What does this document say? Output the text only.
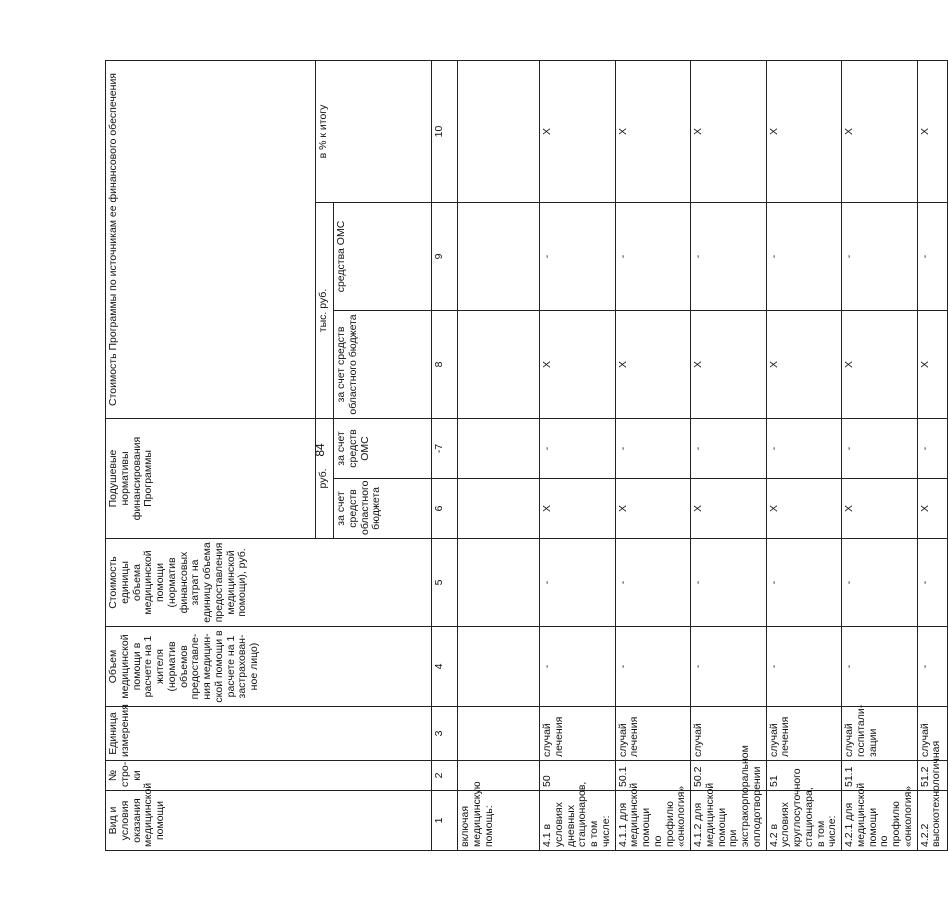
84
Вид и условия оказания медицинской помощи	№ стро-ки	Единица измерения	Объем медицинской помощи в расчете на 1 жителя (норматив объемов предоставле-ния медицин-ской помощи в расчете на 1 застрахован-ное лицо)	Стоимость единицы объема медицинской помощи (норматив финансовых затрат на единицу объема предоставления медицинской помощи), руб.	Подушевые нормативы финансирования Программы		Стоимость Программы по источникам ее финансового обеспечения		
					руб.		тыс. руб.		в % к итогу
					за счет средств областного бюджета	за счет средств ОМС	за счет средств областного бюджета	средства ОМС	
1	2	3	4	5	6	-7	8	9	10
включая медицинскую помощь:									
4.1 в условиях дневных стационаров, в том числе:	50	случай лечения	-	-	X	-	X	-	X
4.1.1 для медицинской помощи по профилю «онкология»	50.1	случай лечения	-	-	X	-	X	-	X
4.1.2 для медицинской помощи при экстракорпоральном оплодотворении	50.2	случай	-	-	X	-	X	-	X
4.2 в условиях круглосуточного стационара, в том числе:	51	случай лечения	-	-	X	-	X	-	X
4.2.1 для медицинской помощи по профилю «онкология»	51.1	случай госпитали-зации	-	-	X	-	X	-	X
4.2.2 высокотехнологичная	51.2	случай	-	-	X	-	X	-	X
